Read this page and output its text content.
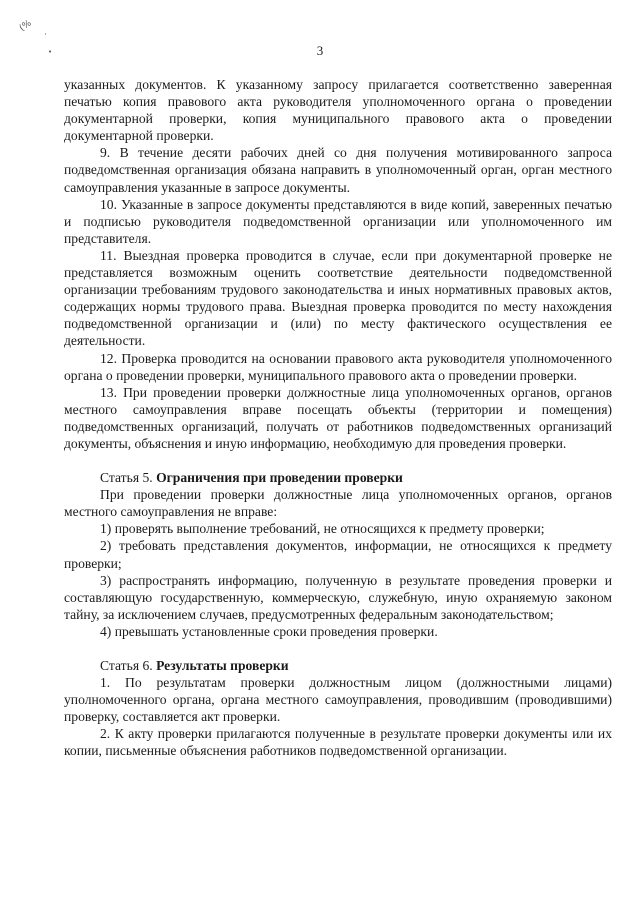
(%
·
•	3

указанных документов. К указанному запросу прилагается соответственно заверенная печатью копия правового акта руководителя уполномоченного органа о проведении документарной проверки, копия муниципального правового акта о проведении документарной проверки.

9. В течение десяти рабочих дней со дня получения мотивированного запроса подведомственная организация обязана направить в уполномоченный орган, орган местного самоуправления указанные в запросе документы.

10. Указанные в запросе документы представляются в виде копий, заверенных печатью и подписью руководителя подведомственной организации или уполномоченного им представителя.

11. Выездная проверка проводится в случае, если при документарной проверке не представляется возможным оценить соответствие деятельности подведомственной организации требованиям трудового законодательства и иных нормативных правовых актов, содержащих нормы трудового права. Выездная проверка проводится по месту нахождения подведомственной организации и (или) по месту фактического осуществления ее деятельности.

12. Проверка проводится на основании правового акта руководителя уполномоченного органа о проведении проверки, муниципального правового акта о проведении проверки.

13. При проведении проверки должностные лица уполномоченных органов, органов местного самоуправления вправе посещать объекты (территории и помещения) подведомственных организаций, получать от работников подведомственных организаций документы, объяснения и иную информацию, необходимую для проведения проверки.

Статья 5. Ограничения при проведении проверки

При проведении проверки должностные лица уполномоченных органов, органов местного самоуправления не вправе:

1) проверять выполнение требований, не относящихся к предмету проверки;

2) требовать представления документов, информации, не относящихся к предмету проверки;

3) распространять информацию, полученную в результате проведения проверки и составляющую государственную, коммерческую, служебную, иную охраняемую законом тайну, за исключением случаев, предусмотренных федеральным законодательством;

4) превышать установленные сроки проведения проверки.

Статья 6. Результаты проверки

1. По результатам проверки должностным лицом (должностными лицами) уполномоченного органа, органа местного самоуправления, проводившим (проводившими) проверку, составляется акт проверки.

2. К акту проверки прилагаются полученные в результате проверки документы или их копии, письменные объяснения работников подведомственной организации.
